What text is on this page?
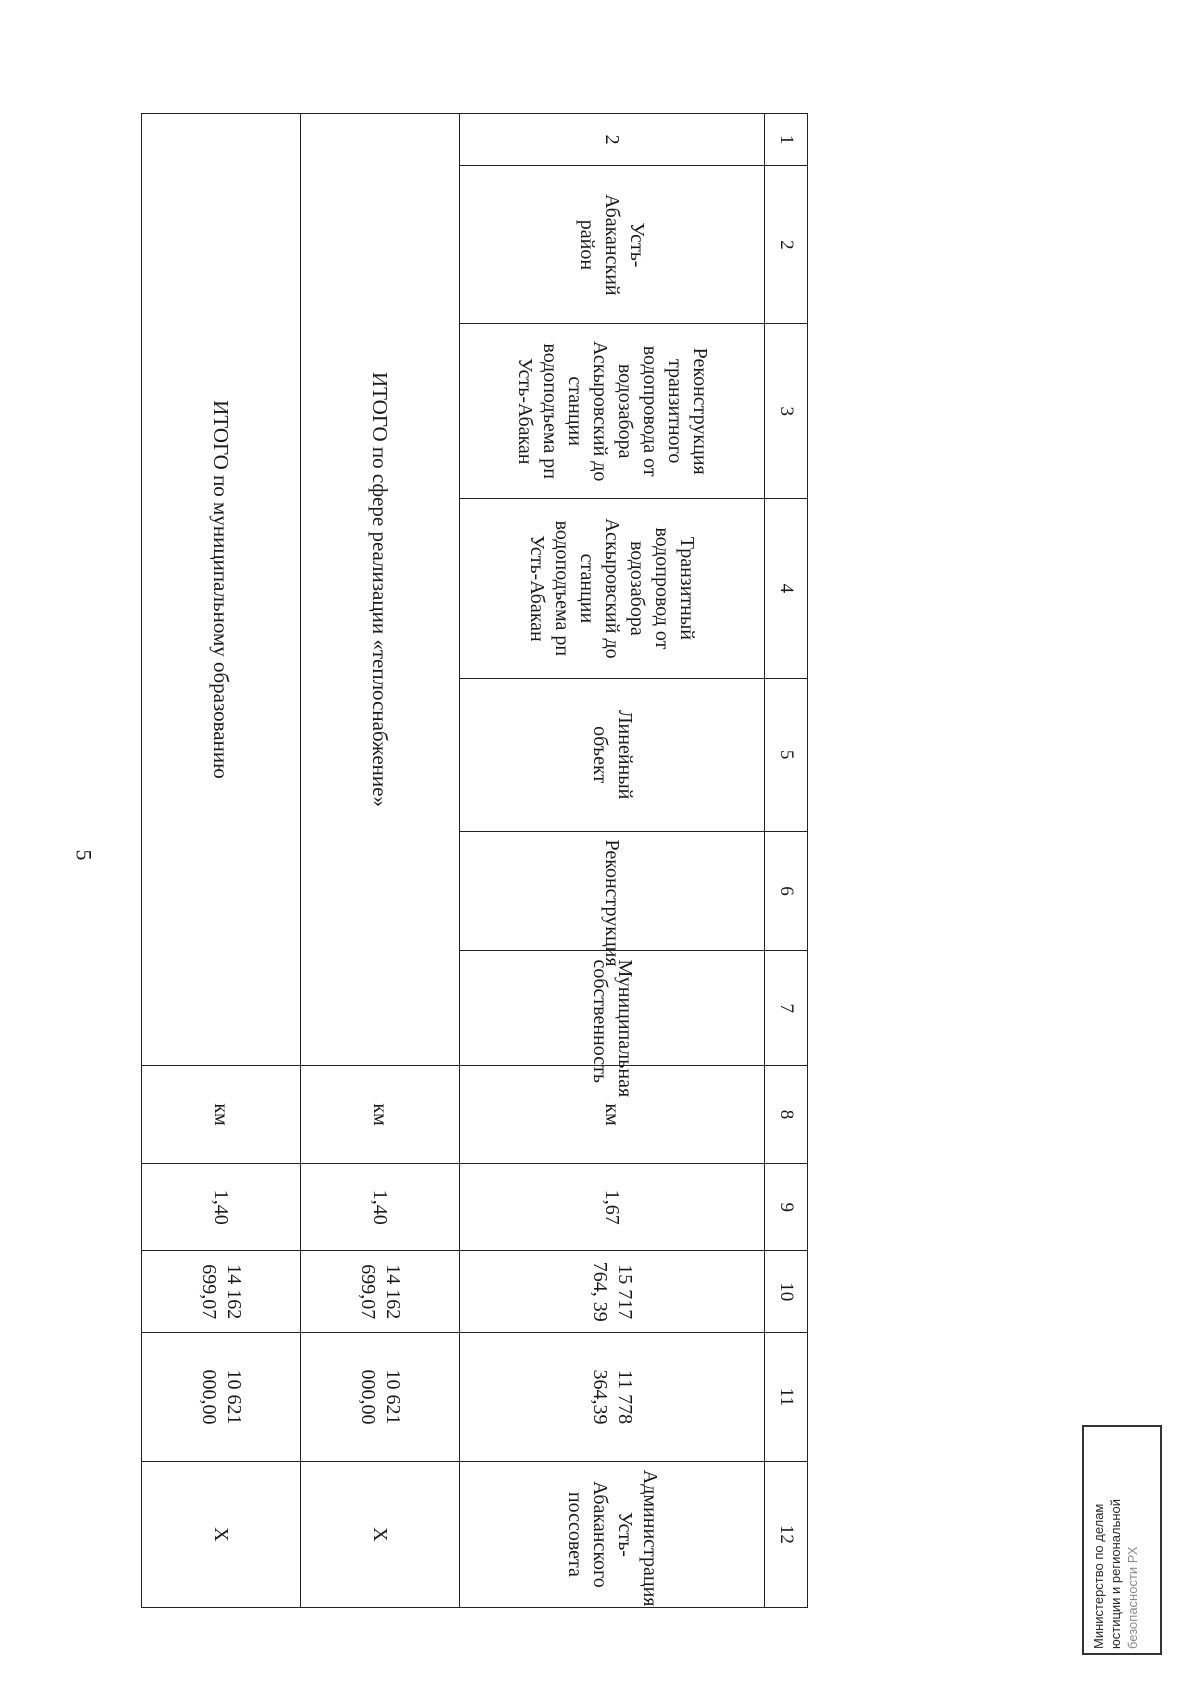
5
1	2	3	4	5	6	7	8	9	10	11	12
2	Усть-Абаканский район	Реконструкция транзитного водопровода от водозабора Аскыровский до станции водоподъема рп Усть-Абакан	Транзитный водопровод от водозабора Аскыровский до станции водоподъема рп Усть-Абакан	Линейный объект	Реконструкция	Муниципальная собственность	км	1,67	15 717 764, 39	11 778 364,39	Администрация Усть-Абаканского поссовета
ИТОГО по сфере реализации «теплоснабжение»							км	1,40	14 162 699,07	10 621 000,00	Х
ИТОГО по муниципальному образованию							км	1,40	14 162 699,07	10 621 000,00	Х	Министерство по делам юстиции и региональной безопасности РХ
